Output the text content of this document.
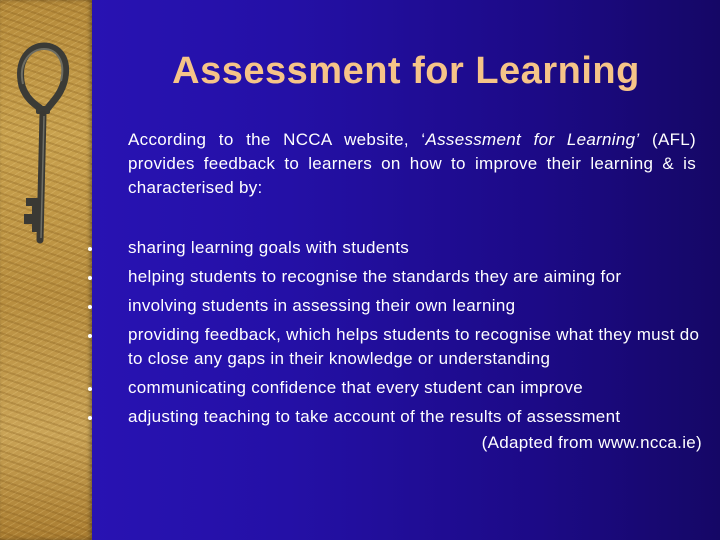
Assessment for Learning
According to the NCCA website, ‘Assessment for Learning’ (AFL) provides feedback to learners on how to improve their learning & is characterised by:
sharing learning goals with students
helping students to recognise the standards they are aiming for
involving students in assessing their own learning
providing feedback, which helps students to recognise what they must do to close any gaps in their knowledge or understanding
communicating confidence that every student can improve
adjusting teaching to take account of the results of assessment
(Adapted from www.ncca.ie)
